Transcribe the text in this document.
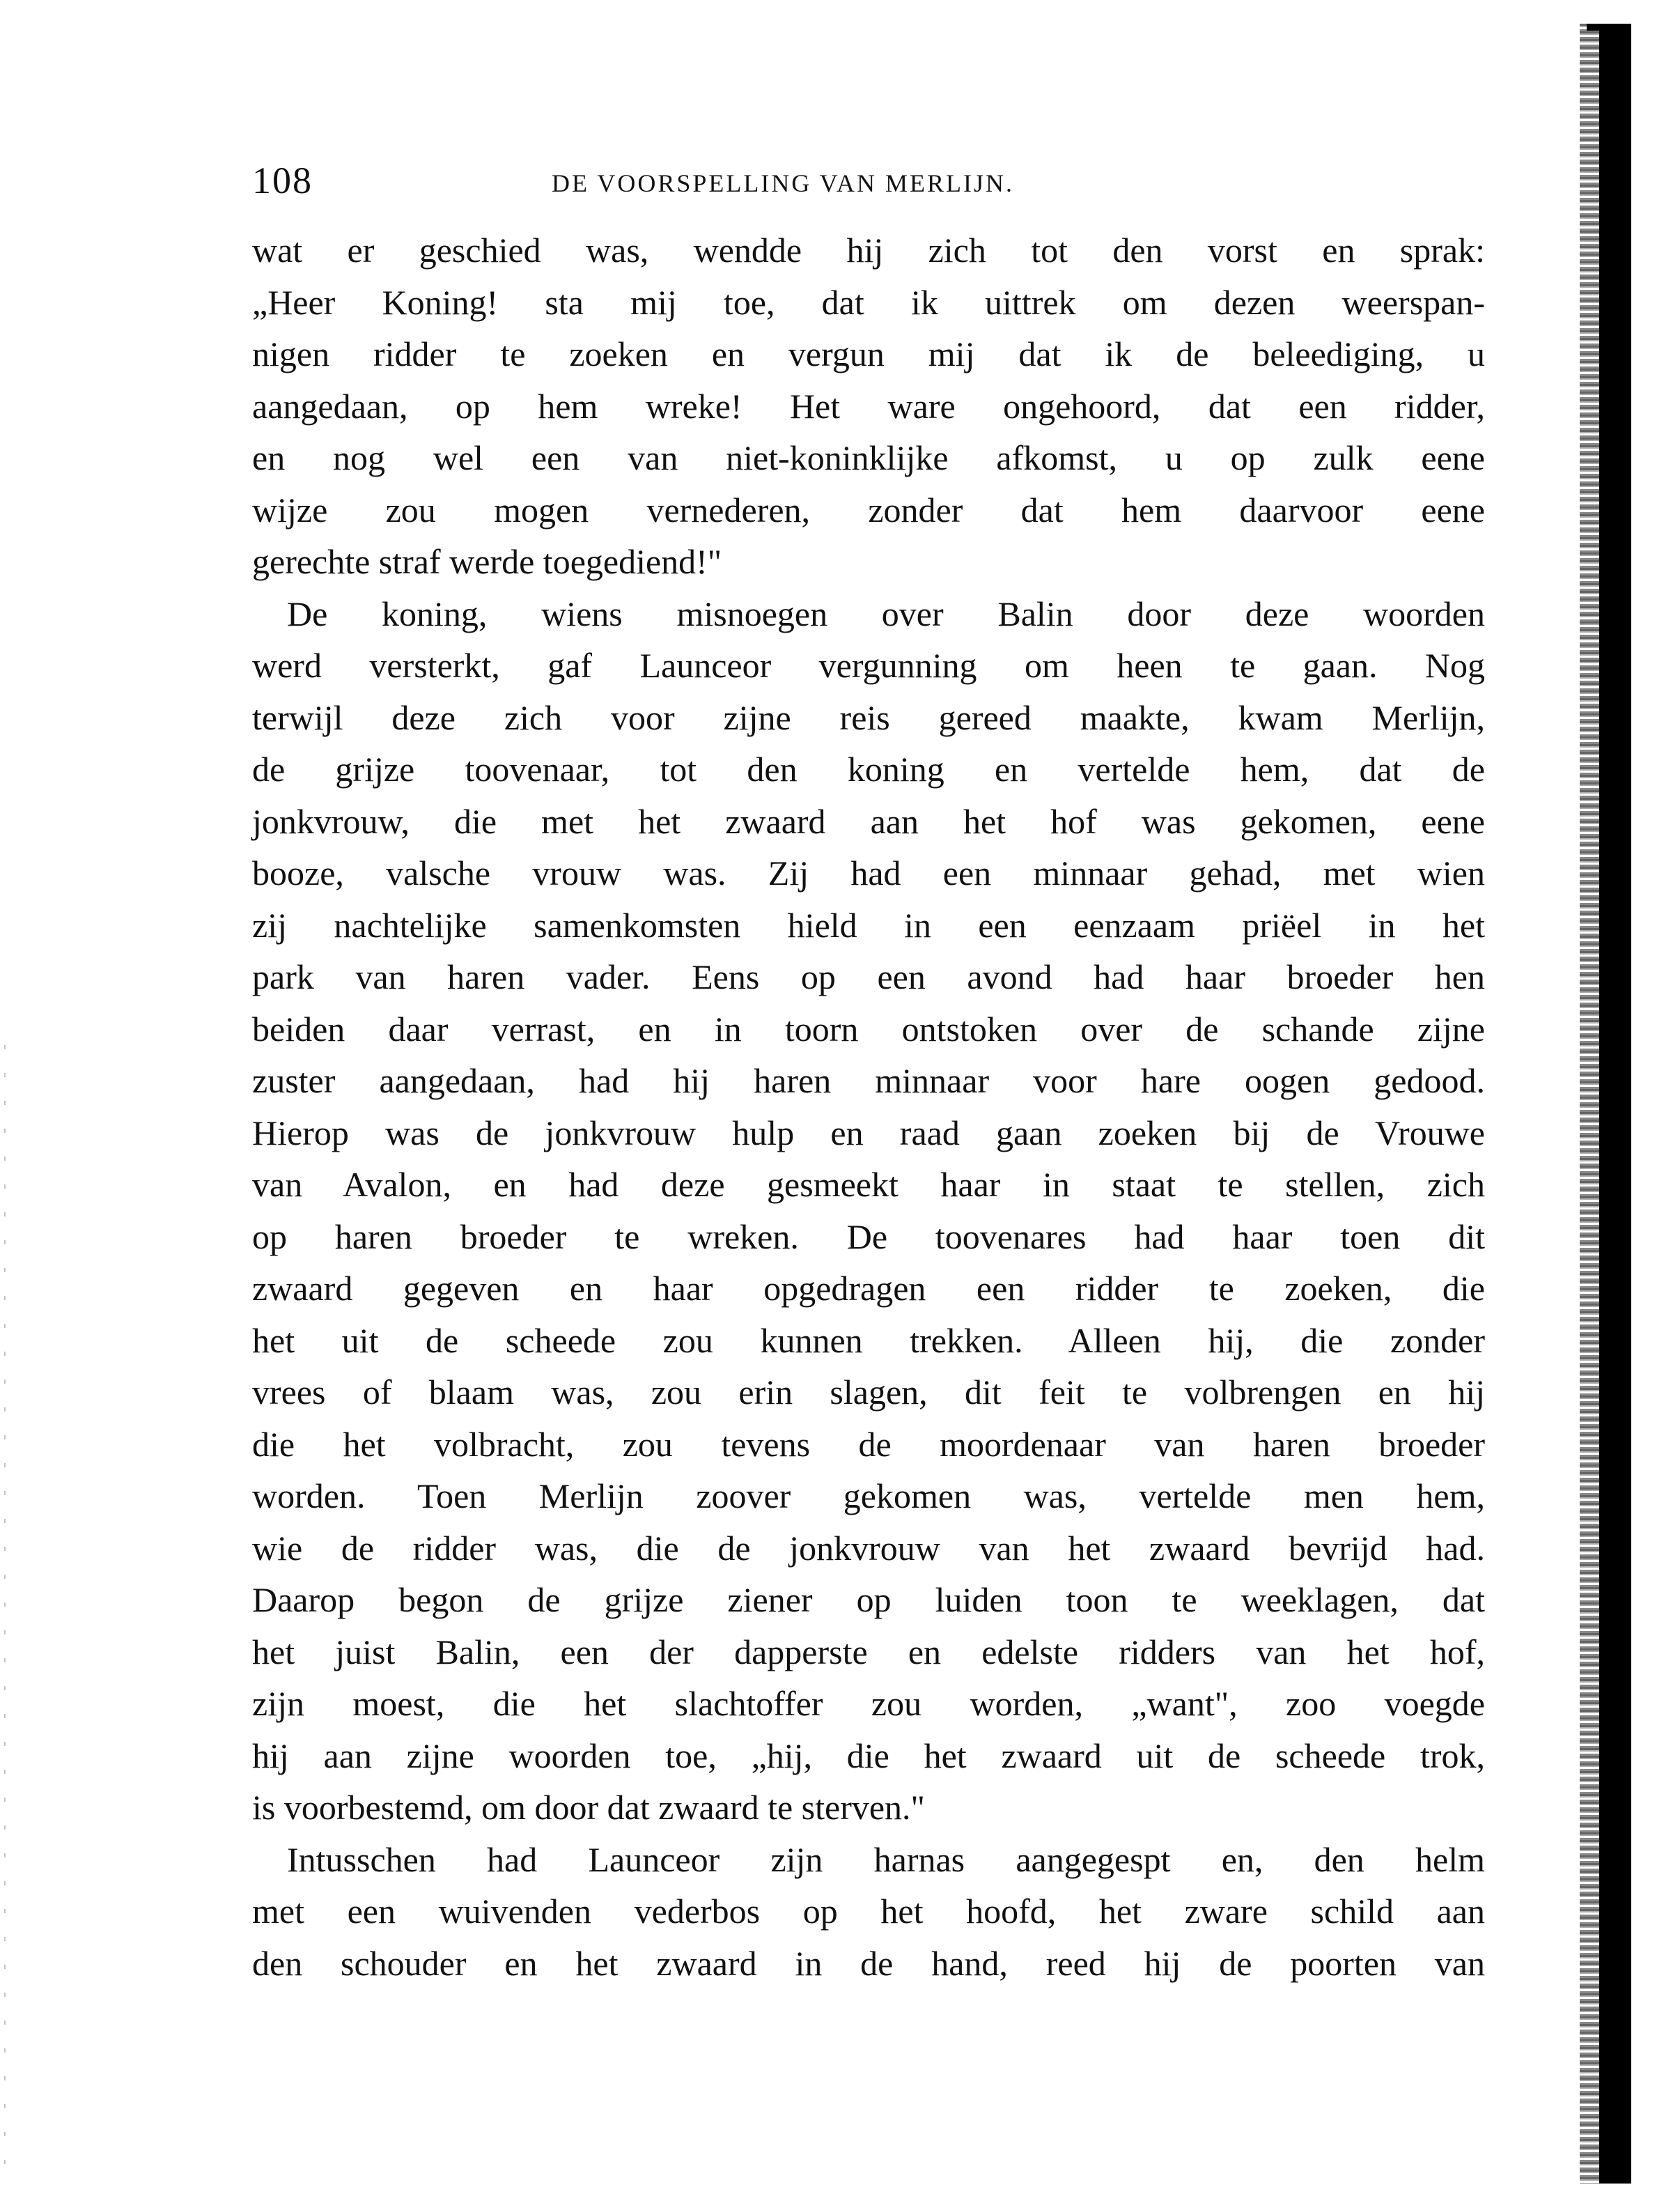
108	DE VOORSPELLING VAN MERLIJN.
wat er geschied was, wendde hij zich tot den vorst en sprak:
„Heer Koning! sta mij toe, dat ik uittrek om dezen weerspan-
nigen ridder te zoeken en vergun mij dat ik de beleediging, u
aangedaan, op hem wreke! Het ware ongehoord, dat een ridder,
en nog wel een van niet-koninklijke afkomst, u op zulk eene
wijze zou mogen vernederen, zonder dat hem daarvoor eene
gerechte straf werde toegediend!"
De koning, wiens misnoegen over Balin door deze woorden
werd versterkt, gaf Launceor vergunning om heen te gaan. Nog
terwijl deze zich voor zijne reis gereed maakte, kwam Merlijn,
de grijze toovenaar, tot den koning en vertelde hem, dat de
jonkvrouw, die met het zwaard aan het hof was gekomen, eene
booze, valsche vrouw was. Zij had een minnaar gehad, met wien
zij nachtelijke samenkomsten hield in een eenzaam priëel in het
park van haren vader. Eens op een avond had haar broeder hen
beiden daar verrast, en in toorn ontstoken over de schande zijne
zuster aangedaan, had hij haren minnaar voor hare oogen gedood.
Hierop was de jonkvrouw hulp en raad gaan zoeken bij de Vrouwe
van Avalon, en had deze gesmeekt haar in staat te stellen, zich
op haren broeder te wreken. De toovenares had haar toen dit
zwaard gegeven en haar opgedragen een ridder te zoeken, die
het uit de scheede zou kunnen trekken. Alleen hij, die zonder
vrees of blaam was, zou erin slagen, dit feit te volbrengen en hij
die het volbracht, zou tevens de moordenaar van haren broeder
worden. Toen Merlijn zoover gekomen was, vertelde men hem,
wie de ridder was, die de jonkvrouw van het zwaard bevrijd had.
Daarop begon de grijze ziener op luiden toon te weeklagen, dat
het juist Balin, een der dapperste en edelste ridders van het hof,
zijn moest, die het slachtoffer zou worden, „want", zoo voegde
hij aan zijne woorden toe, „hij, die het zwaard uit de scheede trok,
is voorbestemd, om door dat zwaard te sterven."
Intusschen had Launceor zijn harnas aangegespt en, den helm
met een wuivenden vederbos op het hoofd, het zware schild aan
den schouder en het zwaard in de hand, reed hij de poorten van
